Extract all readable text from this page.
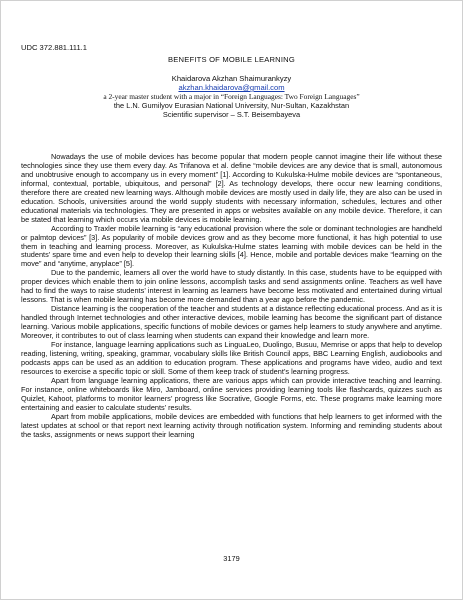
UDC 372.881.111.1
BENEFITS OF MOBILE LEARNING
Khaidarova Akzhan Shaimurankyzy
akzhan.khaidarova@gmail.com
a 2-year master student with a major in “Foreign Languages: Two Foreign Languages”
the L.N. Gumilyov Eurasian National University, Nur-Sultan, Kazakhstan
Scientific supervisor – S.T. Beisembayeva

Nowadays the use of mobile devices has become popular that modern people cannot imagine their life without these technologies since they use them every day. As Trifanova et al. define “mobile devices are any device that is small, autonomous and unobtrusive enough to accompany us in every moment” [1]. According to Kukulska-Hulme mobile devices are “spontaneous, informal, contextual, portable, ubiquitous, and personal” [2]. As technology develops, there occur new learning conditions, therefore there are created new learning ways. Although mobile devices are mostly used in daily life, they are also can be used in education. Schools, universities around the world supply students with necessary information, schedules, lectures and other educational materials via technologies. They are presented in apps or websites available on any mobile device. Therefore, it can be stated that learning which occurs via mobile devices is mobile learning.

According to Traxler mobile learning is “any educational provision where the sole or dominant technologies are handheld or palmtop devices” [3]. As popularity of mobile devices grow and as they become more functional, it has high potential to use them in teaching and learning process. Moreover, as Kukulska-Hulme states learning with mobile devices can be held in the students’ spare time and even help to develop their learning skills [4]. Hence, mobile and portable devices make “learning on the move” and “anytime, anyplace” [5].

Due to the pandemic, learners all over the world have to study distantly. In this case, students have to be equipped with proper devices which enable them to join online lessons, accomplish tasks and send assignments online. Teachers as well have had to find the ways to raise students’ interest in learning as learners have become less motivated and entertained during virtual lessons. That is when mobile learning has become more demanded than a year ago before the pandemic.

Distance learning is the cooperation of the teacher and students at a distance reflecting educational process. And as it is handled through Internet technologies and other interactive devices, mobile learning has become the significant part of distance learning. Various mobile applications, specific functions of mobile devices or games help learners to study anywhere and anytime. Moreover, it contributes to out of class learning when students can expand their knowledge and learn more.

For instance, language learning applications such as LinguaLeo, Duolingo, Busuu, Memrise or apps that help to develop reading, listening, writing, speaking, grammar, vocabulary skills like British Council apps, BBC Learning English, audiobooks and podcasts apps can be used as an addition to education program. These applications and programs have video, audio and text resources to exercise a specific topic or skill. Some of them keep track of student’s learning progress.

Apart from language learning applications, there are various apps which can provide interactive teaching and learning. For instance, online whiteboards like Miro, Jamboard, online services providing learning tools like flashcards, quizzes such as Quizlet, Kahoot, platforms to monitor learners’ progress like Socrative, Google Forms, etc. These programs make learning more entertaining and easier to calculate students’ results.

Apart from mobile applications, mobile devices are embedded with functions that help learners to get informed with the latest updates at school or that report next learning activity through notification system. Informing and reminding students about the tasks, assignments or news support their learning

3179
